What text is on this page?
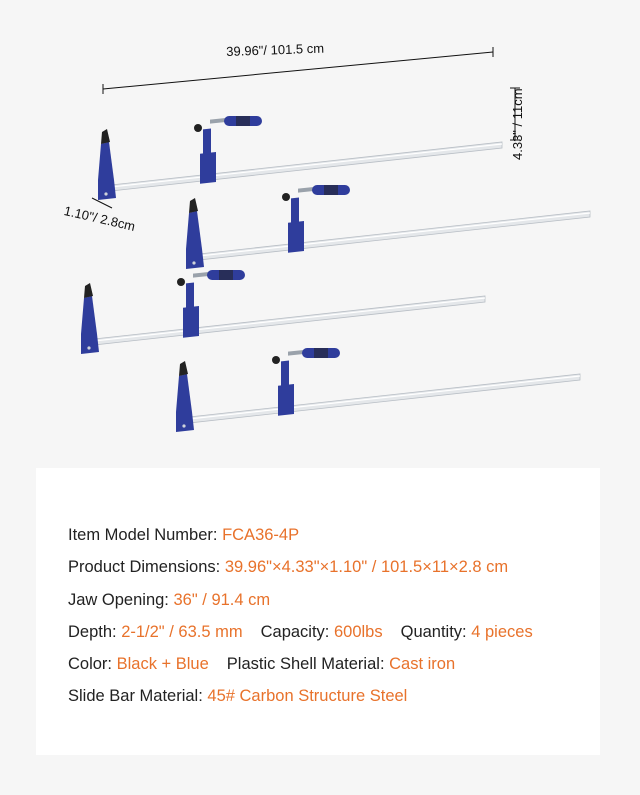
39.96"/ 101.5 cm
4.33" / 11cm
1.10"/ 2.8cm
Item Model Number: FCA36-4P
Product Dimensions: 39.96"×4.33"×1.10" / 101.5×11×2.8 cm
Jaw Opening: 36" / 91.4 cm
Depth: 2-1/2" / 63.5 mm Capacity: 600lbs Quantity: 4 pieces
Color: Black + Blue Plastic Shell Material: Cast iron
Slide Bar Material: 45# Carbon Structure Steel
